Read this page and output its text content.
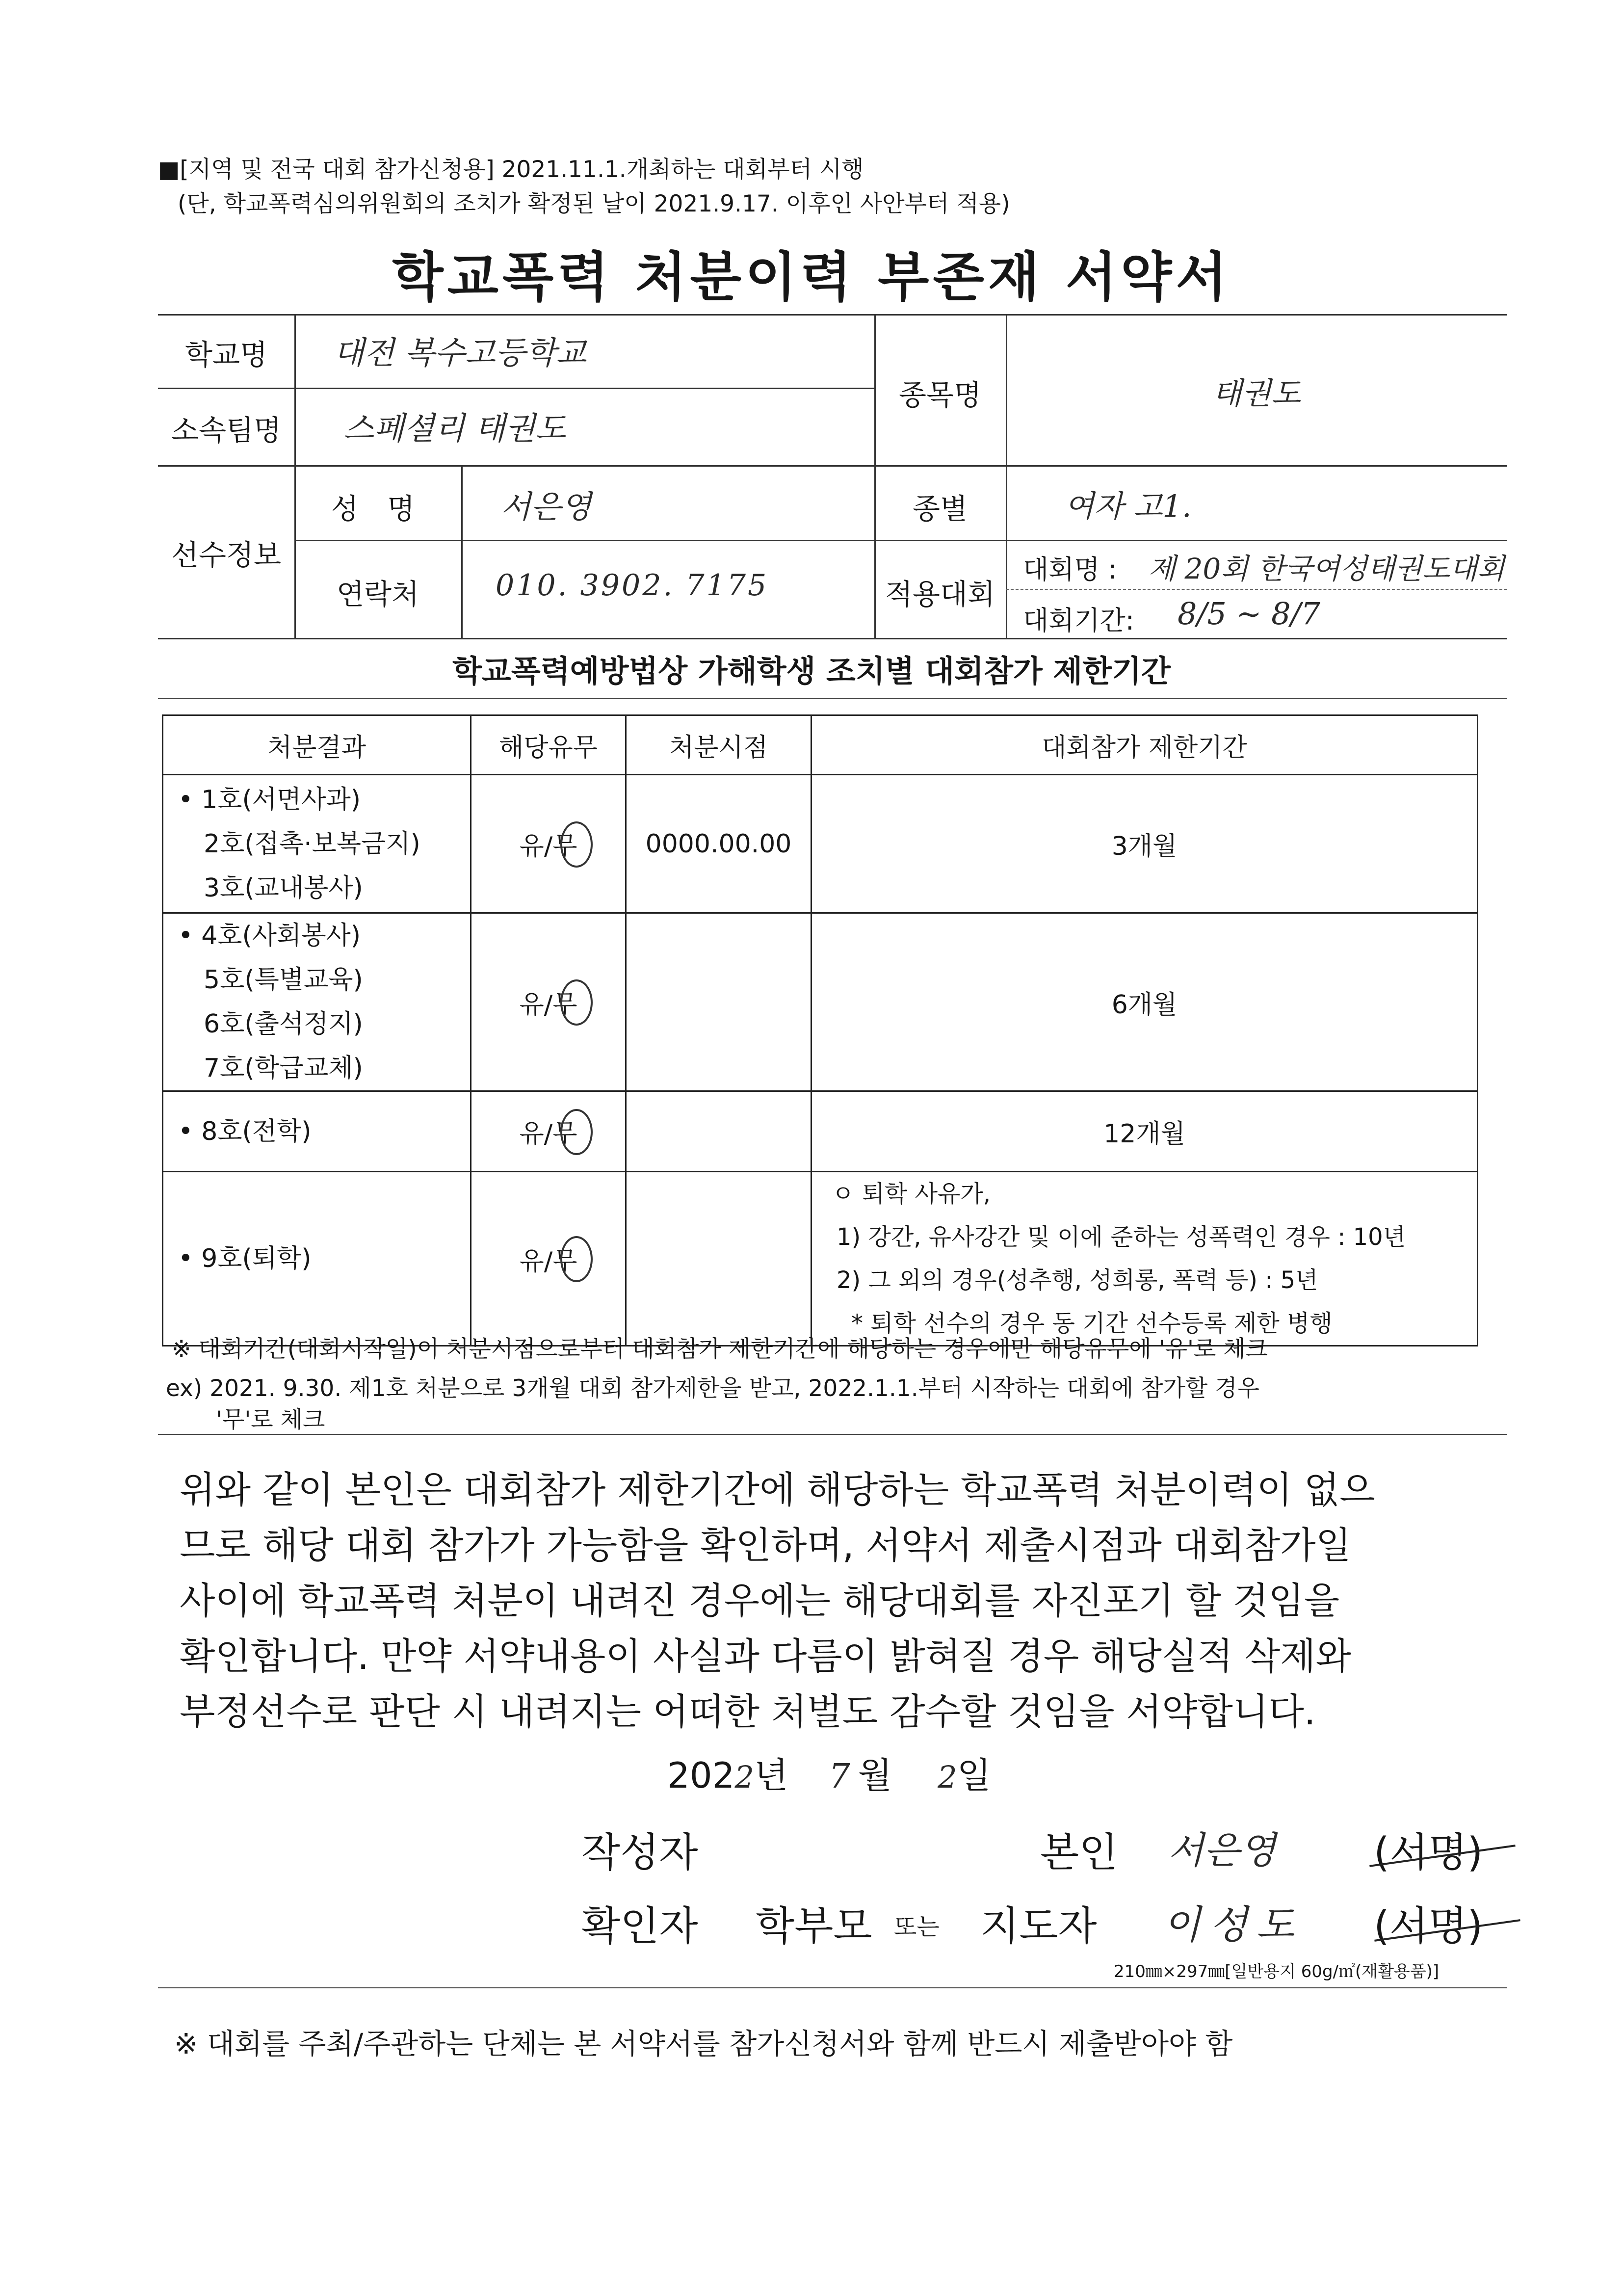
■[지역 및 전국 대회 참가신청용] 2021.11.1.개최하는 대회부터 시행
(단, 학교폭력심의위원회의 조치가 확정된 날이 2021.9.17. 이후인 사안부터 적용)
학교폭력 처분이력 부존재 서약서
학교명	대전 복수고등학교
소속팀명	스페셜리 태권도
종목명	태권도
선수정보
성 명	서은영	종별	여자 고1.
연락처	010. 3902. 7175	적용대회
대회명 : 제 20회 한국여성태권도대회
대회기간: 8/5 ~ 8/7
학교폭력예방법상 가해학생 조치별 대회참가 제한기간
처분결과	해당유무	처분시점	대회참가 제한기간

• 1호(서면사과)
2호(접촉·보복금지)
3호(교내봉사)	유/무	0000.00.00	3개월

• 4호(사회봉사)
5호(특별교육)
6호(출석정지)
7호(학급교체)	유/무		6개월

• 8호(전학)	유/무		12개월

• 9호(퇴학)	유/무		ㅇ 퇴학 사유가,
1) 강간, 유사강간 및 이에 준하는 성폭력인 경우 : 10년
2) 그 외의 경우(성추행, 성희롱, 폭력 등) : 5년
* 퇴학 선수의 경우 동 기간 선수등록 제한 병행
※ 대회기간(대회시작일)이 처분시점으로부터 대회참가 제한기간에 해당하는 경우에만 해당유무에 '유'로 체크
ex) 2021. 9.30. 제1호 처분으로 3개월 대회 참가제한을 받고, 2022.1.1.부터 시작하는 대회에 참가할 경우
'무'로 체크

위와 같이 본인은 대회참가 제한기간에 해당하는 학교폭력 처분이력이 없으

므로 해당 대회 참가가 가능함을 확인하며, 서약서 제출시점과 대회참가일

사이에 학교폭력 처분이 내려진 경우에는 해당대회를 자진포기 할 것임을

확인합니다. 만약 서약내용이 사실과 다름이 밝혀질 경우 해당실적 삭제와

부정선수로 판단 시 내려지는 어떠한 처벌도 감수할 것임을 서약합니다.

2022년 7 월 2일
작성자	본인 서은영 (서명)
확인자 학부모 또는 지도자 이성도 (서명)
210㎜×297㎜[일반용지 60g/㎡(재활용품)]
※ 대회를 주최/주관하는 단체는 본 서약서를 참가신청서와 함께 반드시 제출받아야 함
